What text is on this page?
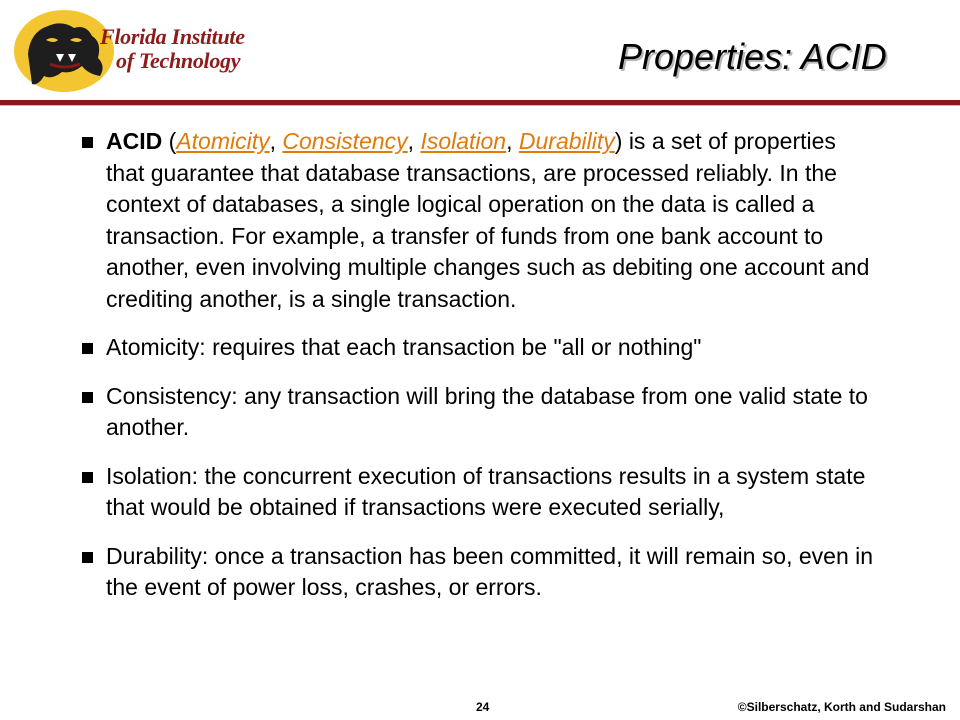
Florida Institute
of Technology	Properties: ACID
ACID (Atomicity, Consistency, Isolation, Durability) is a set of properties that guarantee that database transactions, are processed reliably. In the context of databases, a single logical operation on the data is called a transaction. For example, a transfer of funds from one bank account to another, even involving multiple changes such as debiting one account and crediting another, is a single transaction.
Atomicity: requires that each transaction be "all or nothing"
Consistency: any transaction will bring the database from one valid state to another.
Isolation: the concurrent execution of transactions results in a system state that would be obtained if transactions were executed serially,
Durability: once a transaction has been committed, it will remain so, even in the event of power loss, crashes, or errors.
24	©Silberschatz, Korth and Sudarshan
